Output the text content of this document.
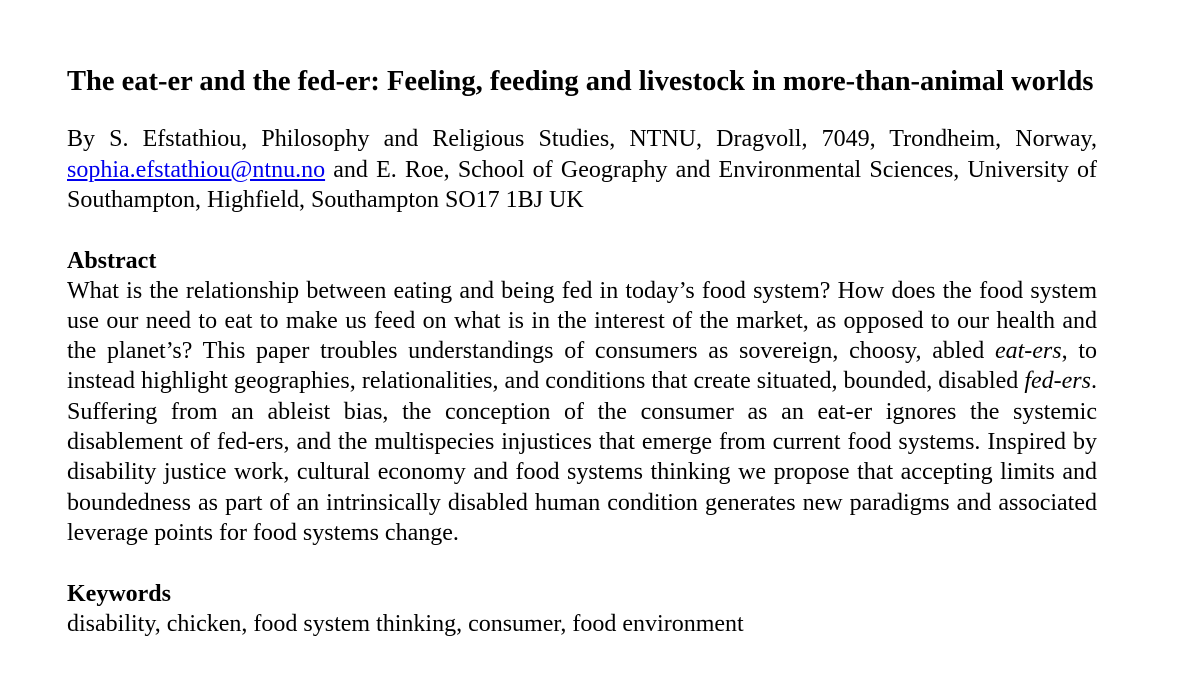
The eat-er and the fed-er: Feeling, feeding and livestock in more-than-animal worlds
By S. Efstathiou, Philosophy and Religious Studies, NTNU, Dragvoll, 7049, Trondheim, Norway, sophia.efstathiou@ntnu.no and E. Roe, School of Geography and Environmental Sciences, University of Southampton, Highfield, Southampton SO17 1BJ UK
Abstract

What is the relationship between eating and being fed in today’s food system? How does the food system use our need to eat to make us feed on what is in the interest of the market, as opposed to our health and the planet’s? This paper troubles understandings of consumers as sovereign, choosy, abled eat-ers, to instead highlight geographies, relationalities, and conditions that create situated, bounded, disabled fed-ers. Suffering from an ableist bias, the conception of the consumer as an eat-er ignores the systemic disablement of fed-ers, and the multispecies injustices that emerge from current food systems. Inspired by disability justice work, cultural economy and food systems thinking we propose that accepting limits and boundedness as part of an intrinsically disabled human condition generates new paradigms and associated leverage points for food systems change.

Keywords
disability, chicken, food system thinking, consumer, food environment
